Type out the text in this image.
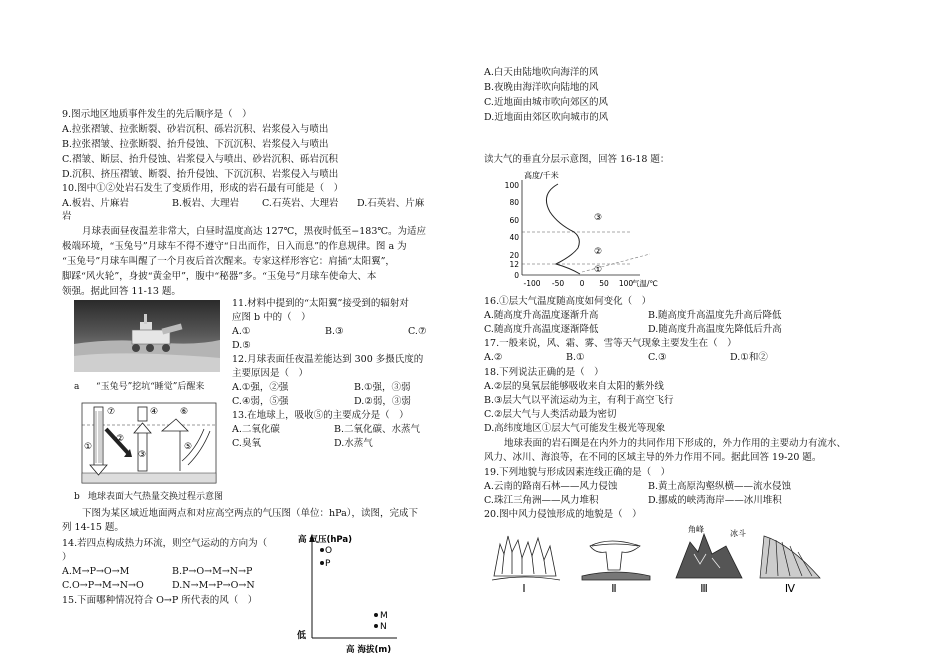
9.图示地区地质事件发生的先后顺序是（　）
A.拉张褶皱、拉张断裂、砂岩沉积、砾岩沉积、岩浆侵入与喷出
B.拉张褶皱、拉张断裂、抬升侵蚀、下沉沉积、岩浆侵入与喷出
C.褶皱、断层、抬升侵蚀、岩浆侵入与喷出、砂岩沉积、砾岩沉积
D.沉积、挤压褶皱、断裂、抬升侵蚀、下沉沉积、岩浆侵入与喷出
10.图中①②处岩石发生了变质作用，形成的岩石最有可能是（　）
A.板岩、片麻岩	B.板岩、大理岩 C.石英岩、大理岩 D.石英岩、片麻
岩
月球表面昼夜温差非常大，白昼时温度高达 127℃，黑夜时低至−183℃。为适应
极端环境，“玉兔号”月球车不得不遵守“日出而作，日入而息”的作息规律。图 a 为
“玉兔号”月球车叫醒了一个月夜后首次醒来。专家这样形容它：肩插“太阳翼”，
脚踩“风火轮”，身披“黄金甲”，腹中“秘器”多。“玉兔号”月球车使命大、本
领强。据此回答 11-13 题。
a “玉兔号”挖坑“睡觉”后醒来
⑦	④ ⑥
②
①
③
⑤
b 地球表面大气热量交换过程示意图
11.材料中提到的“太阳翼”接受到的辐射对
应图 b 中的（　）
A.①	B.③	C.⑦
D.⑤
12.月球表面任夜温差能达到 300 多摄氏度的
主要原因是（　）
A.①强，②强	B.①强，③弱
C.④弱，⑤强	D.②弱，③弱
13.在地球上，吸收⑤的主要成分是（　）
A.二氧化碳	B.二氧化碳、水蒸气
C.臭氧	D.水蒸气
下图为某区域近地面两点和对应高空两点的气压图（单位：hPa），读图，完成下
列 14-15 题。
14.若四点构成热力环流，则空气运动的方向为（
）
A.M→P→O→M	B.P→O→M→N→P
C.O→P→M→N→O	D.N→M→P→O→N
15.下面哪种情况符合 O→P 所代表的风（　）
高 气压(hPa)
低
高 海拔(m)
O
P
M
N
A.白天由陆地吹向海洋的风
B.夜晚由海洋吹向陆地的风
C.近地面由城市吹向郊区的风
D.近地面由郊区吹向城市的风
读大气的垂直分层示意图，回答 16-18 题：
高度/千米
100
80
60
40
20
12
0
-100 -50 0 50 100
气温/℃
③
②
①
16.①层大气温度随高度如何变化（　）
A.随高度升高温度逐渐升高	B.随高度升高温度先升高后降低
C.随高度升高温度逐渐降低	D.随高度升高温度先降低后升高
17.一般来说，风、霜、雾、雪等天气现象主要发生在（　）
A.②	B.①	C.③	D.①和②
18.下列说法正确的是（　）
A.②层的臭氧层能够吸收来自太阳的紫外线
B.③层大气以平流运动为主，有利于高空飞行
C.②层大气与人类活动最为密切
D.高纬度地区①层大气可能发生极光等现象
地球表面的岩石圈是在内外力的共同作用下形成的，外力作用的主要动力有流水、
风力、冰川、海浪等，在不同的区域主导的外力作用不同。据此回答 19-20 题。
19.下列地貌与形成因素连线正确的是（　）
A.云南的路南石林——风力侵蚀	B.黄土高原沟壑纵横——流水侵蚀
C.珠江三角洲——风力堆积	D.挪威的峡湾海岸——冰川堆积
20.图中风力侵蚀形成的地貌是（　）
角峰	冰斗
Ⅰ	Ⅱ	Ⅲ	Ⅳ
